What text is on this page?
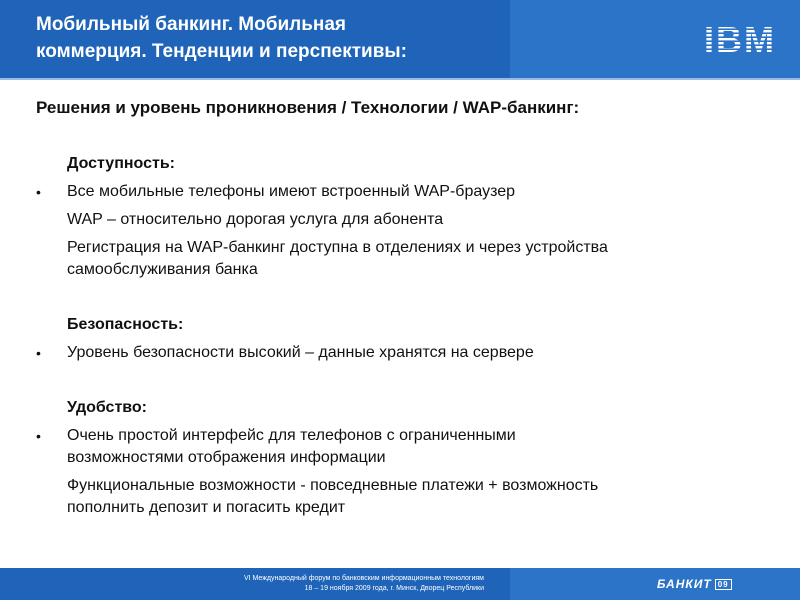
Мобильный банкинг. Мобильная
коммерция. Тенденции и перспективы:	IBM
Решения и уровень проникновения / Технологии / WAP-банкинг:
Доступность:
• Все мобильные телефоны имеют встроенный WAP-браузер
WAP – относительно дорогая услуга для абонента
Регистрация на WAP-банкинг доступна в отделениях и через устройства
самообслуживания банка
Безопасность:
• Уровень безопасности высокий – данные хранятся на сервере
Удобство:
• Очень простой интерфейс для телефонов с ограниченными
возможностями отображения информации
Функциональные возможности - повседневные платежи + возможность
пополнить депозит и погасить кредит
VI Международный форум по банковским информационным технологиям
18 – 19 ноября 2009 года, г. Минск, Дворец Республики	БАНКИТ 09
